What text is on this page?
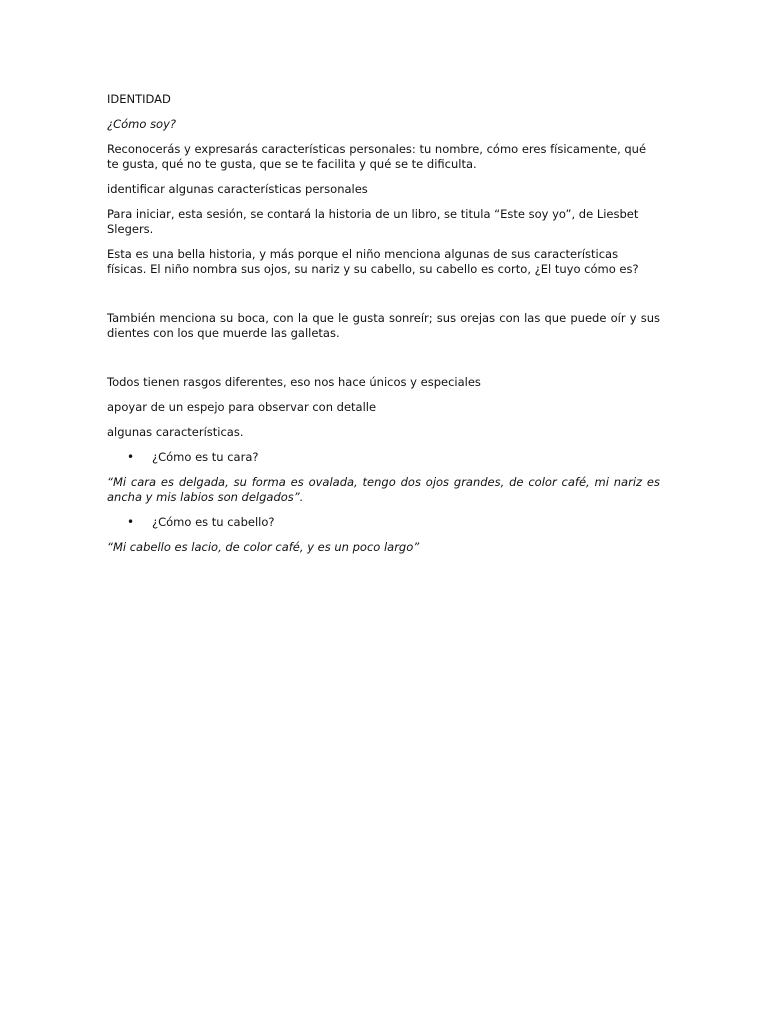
IDENTIDAD

¿Cómo soy?

Reconocerás y expresarás características personales: tu nombre, cómo eres físicamente, qué te gusta, qué no te gusta, que se te facilita y qué se te dificulta.

identificar algunas características personales

Para iniciar, esta sesión, se contará la historia de un libro, se titula “Este soy yo”, de Liesbet Slegers.

Esta es una bella historia, y más porque el niño menciona algunas de sus características físicas. El niño nombra sus ojos, su nariz y su cabello, su cabello es corto, ¿El tuyo cómo es?

También menciona su boca, con la que le gusta sonreír; sus orejas con las que puede oír y sus dientes con los que muerde las galletas.

Todos tienen rasgos diferentes, eso nos hace únicos y especiales

apoyar de un espejo para observar con detalle

algunas características.

•	¿Cómo es tu cara?

“Mi cara es delgada, su forma es ovalada, tengo dos ojos grandes, de color café, mi nariz es ancha y mis labios son delgados”.

•	¿Cómo es tu cabello?

“Mi cabello es lacio, de color café, y es un poco largo”
